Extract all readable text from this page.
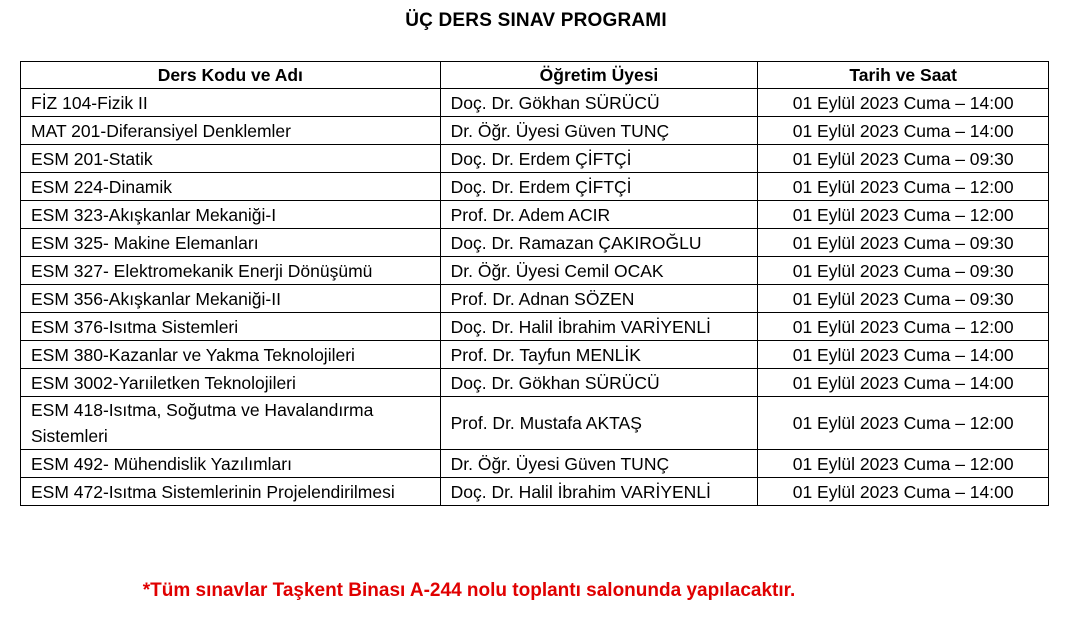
ÜÇ DERS SINAV PROGRAMI
Ders Kodu ve Adı	Öğretim Üyesi	Tarih ve Saat
FİZ 104-Fizik II	Doç. Dr. Gökhan SÜRÜCÜ	01 Eylül 2023 Cuma – 14:00
MAT 201-Diferansiyel Denklemler	Dr. Öğr. Üyesi Güven TUNÇ	01 Eylül 2023 Cuma – 14:00
ESM 201-Statik	Doç. Dr. Erdem ÇİFTÇİ	01 Eylül 2023 Cuma – 09:30
ESM 224-Dinamik	Doç. Dr. Erdem ÇİFTÇİ	01 Eylül 2023 Cuma – 12:00
ESM 323-Akışkanlar Mekaniği-I	Prof. Dr. Adem ACIR	01 Eylül 2023 Cuma – 12:00
ESM 325- Makine Elemanları	Doç. Dr. Ramazan ÇAKIROĞLU	01 Eylül 2023 Cuma – 09:30
ESM 327- Elektromekanik Enerji Dönüşümü	Dr. Öğr. Üyesi Cemil OCAK	01 Eylül 2023 Cuma – 09:30
ESM 356-Akışkanlar Mekaniği-II	Prof. Dr. Adnan SÖZEN	01 Eylül 2023 Cuma – 09:30
ESM 376-Isıtma Sistemleri	Doç. Dr. Halil İbrahim VARİYENLİ	01 Eylül 2023 Cuma – 12:00
ESM 380-Kazanlar ve Yakma Teknolojileri	Prof. Dr. Tayfun MENLİK	01 Eylül 2023 Cuma – 14:00
ESM 3002-Yarıiletken Teknolojileri	Doç. Dr. Gökhan SÜRÜCÜ	01 Eylül 2023 Cuma – 14:00
ESM 418-Isıtma, Soğutma ve Havalandırma Sistemleri	Prof. Dr. Mustafa AKTAŞ	01 Eylül 2023 Cuma – 12:00
ESM 492- Mühendislik Yazılımları	Dr. Öğr. Üyesi Güven TUNÇ	01 Eylül 2023 Cuma – 12:00
ESM 472-Isıtma Sistemlerinin Projelendirilmesi	Doç. Dr. Halil İbrahim VARİYENLİ	01 Eylül 2023 Cuma – 14:00
*Tüm sınavlar Taşkent Binası A-244 nolu toplantı salonunda yapılacaktır.
